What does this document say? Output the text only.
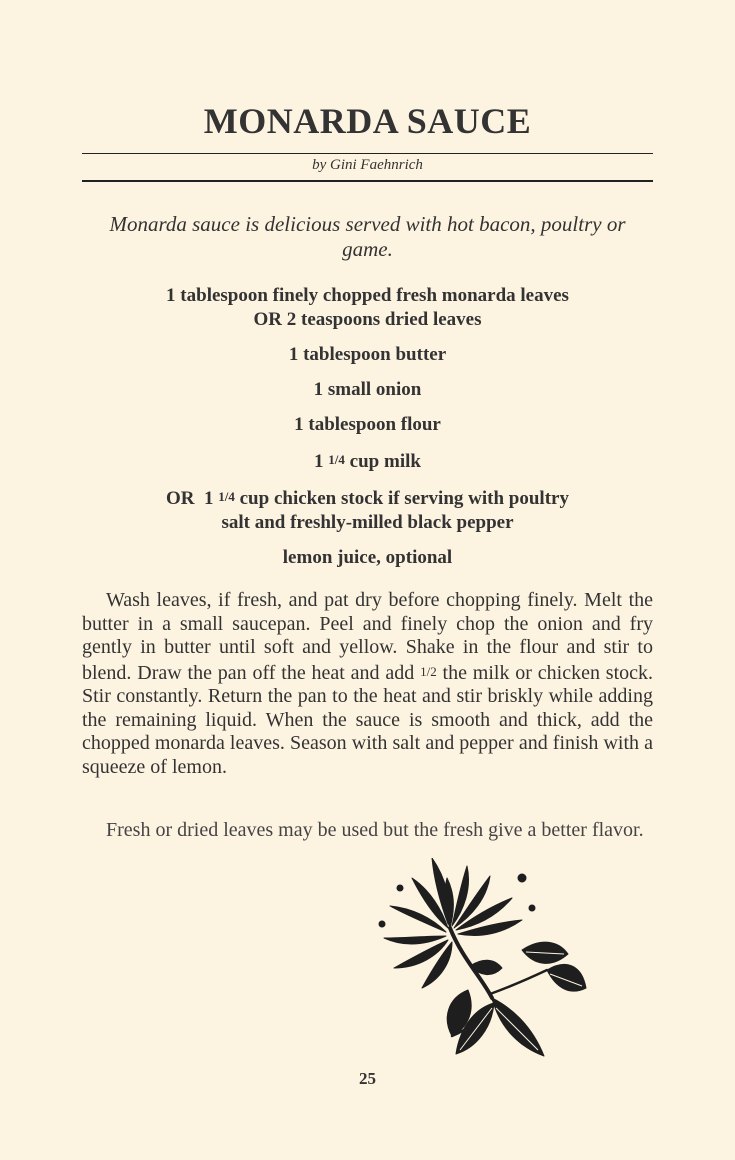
MONARDA SAUCE
by Gini Faehnrich
Monarda sauce is delicious served with hot bacon, poultry or game.
1 tablespoon finely chopped fresh monarda leaves
OR 2 teaspoons dried leaves
1 tablespoon butter
1 small onion
1 tablespoon flour
1 1/4 cup milk
OR  1 1/4 cup chicken stock if serving with poultry
salt and freshly-milled black pepper
lemon juice, optional

Wash leaves, if fresh, and pat dry before chopping finely. Melt the butter in a small saucepan. Peel and finely chop the onion and fry gently in butter until soft and yellow. Shake in the flour and stir to blend. Draw the pan off the heat and add 1/2 the milk or chicken stock. Stir constantly. Return the pan to the heat and stir briskly while adding the remaining liquid. When the sauce is smooth and thick, add the chopped monarda leaves. Season with salt and pepper and finish with a squeeze of lemon.

Fresh or dried leaves may be used but the fresh give a better flavor.

25
